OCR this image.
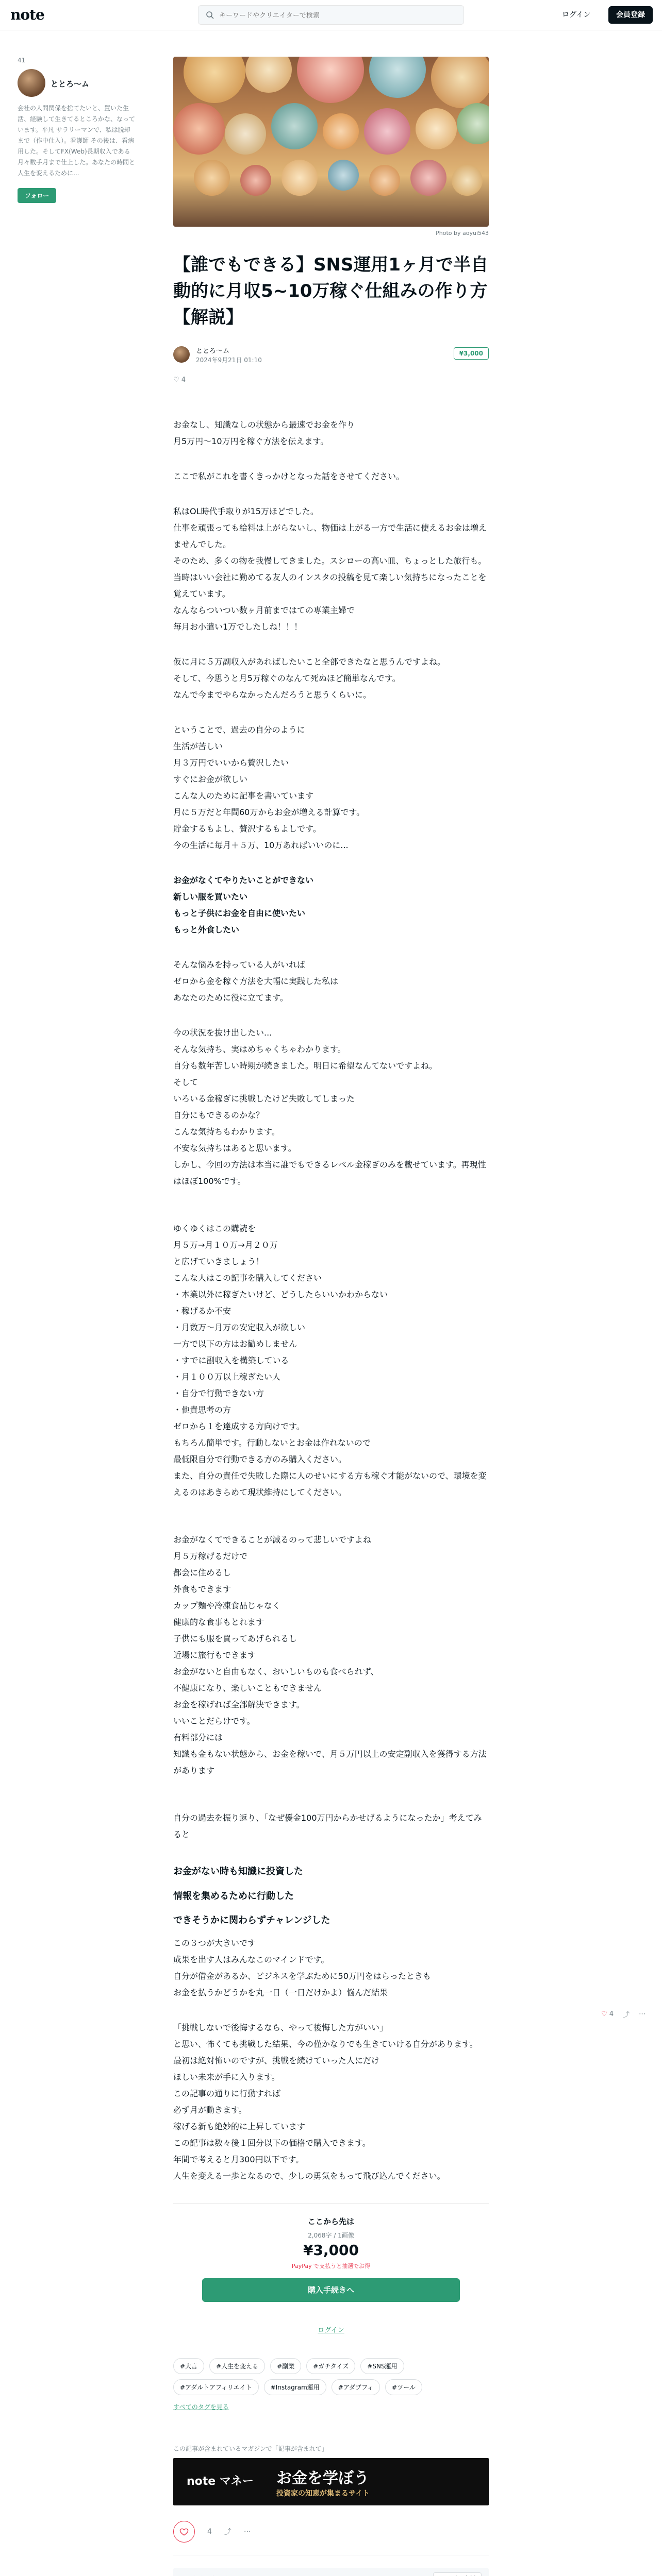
note
キーワードやクリエイターで検索	ログイン	会員登録
41
ととろ〜ム
会社の人間関係を捨てたいと、置いた生活、経験して生きてるところかな、なっています。平凡 サラリーマンで、私は脱却まで（作中仕入）。看護師 その後は、看病用した。そしてFX(Web)長期収入である月々数手月まで仕上した。あなたの時間と人生を変えるために...
フォロー
Photo by aoyui543
【誰でもできる】SNS運用1ヶ月で半自動的に月収5~10万稼ぐ仕組みの作り方【解説】
ととろ〜ム
2024年9月21日 01:10
¥3,000
♡ 4

お金なし、知識なしの状態から最速でお金を作り
月5万円〜10万円を稼ぐ方法を伝えます。

ここで私がこれを書くきっかけとなった話をさせてください。

私はOL時代手取りが15万ほどでした。
仕事を頑張っても給料は上がらないし、物価は上がる一方で生活に使えるお金は増えませんでした。
そのため、多くの物を我慢してきました。スシローの高い皿、ちょっとした旅行も。
当時はいい会社に勤めてる友人のインスタの投稿を見て楽しい気持ちになったことを覚えています。
なんならついつい数ヶ月前まではての専業主婦で
毎月お小遣い1万でしたしね！！！

仮に月に５万副収入があればしたいこと全部できたなと思うんですよね。
そして、今思うと月5万稼ぐのなんて死ぬほど簡単なんです。
なんで今までやらなかったんだろうと思うくらいに。

ということで、過去の自分のように
生活が苦しい
月３万円でいいから贅沢したい
すぐにお金が欲しい
こんな人のために記事を書いています
月に５万だと年間60万からお金が増える計算です。
貯金するもよし、贅沢するもよしです。
今の生活に毎月＋５万、10万あればいいのに...

お金がなくてやりたいことができない
新しい服を買いたい
もっと子供にお金を自由に使いたい
もっと外食したい

そんな悩みを持っている人がいれば
ゼロから金を稼ぐ方法を大幅に実践した私は
あなたのために役に立てます。

今の状況を抜け出したい...
そんな気持ち、実はめちゃくちゃわかります。
自分も数年苦しい時期が続きました。明日に希望なんてないですよね。
そして
いろいる金稼ぎに挑戦したけど失敗してしまった
自分にもできるのかな？
こんな気持ちもわかります。
不安な気持ちはあると思います。
しかし、今回の方法は本当に誰でもできるレベル金稼ぎのみを載せています。再現性はほぼ100%です。

ゆくゆくはこの購読を
月５万→月１０万→月２０万
と広げていきましょう！
こんな人はこの記事を購入してください
・本業以外に稼ぎたいけど、どうしたらいいかわからない
・稼げるか不安
・月数万〜月万の安定収入が欲しい
一方で以下の方はお勧めしません
・すでに副収入を構築している
・月１００万以上稼ぎたい人
・自分で行動できない方
・他責思考の方
ゼロから１を達成する方向けです。
もちろん簡単です。行動しないとお金は作れないので
最低限自分で行動できる方のみ購入ください。
また、自分の責任で失敗した際に人のせいにする方も稼ぐ才能がないので、環境を変えるのはあきらめて現状維持にしてください。

お金がなくてできることが減るのって悲しいですよね
月５万稼げるだけで
都会に住めるし
外食もできます
カップ麺や冷凍食品じゃなく
健康的な食事もとれます
子供にも服を買ってあげられるし
近場に旅行もできます
お金がないと自由もなく、おいしいものも食べられず、
不健康になり、楽しいこともできません
お金を稼げれば全部解決できます。
いいことだらけです。
有料部分には
知識も金もない状態から、お金を稼いで、月５万円以上の安定副収入を獲得する方法があります

自分の過去を振り返り、「なぜ優金100万円からかせげるようになったか」考えてみると

お金がない時も知識に投資した
情報を集めるために行動した
できそうかに関わらずチャレンジした

この３つが大きいです
成果を出す人はみんなこのマインドです。
自分が借金があるか、ビジネスを学ぶために50万円をはらったときも
お金を払うかどうかを丸一日（一日だけかよ）悩んだ結果

「挑戦しないで後悔するなら、やって後悔した方がいい」
と思い、怖くても挑戦した結果、今の僅かなりでも生きていける自分があります。
最初は絶対怖いのですが、挑戦を続けていった人にだけ
ほしい未来が手に入ります。
この記事の通りに行動すれば
必ず月が動きます。
稼げる新も絶妙的に上昇しています
この記事は数々後１回分以下の価格で購入できます。
年間で考えると月300円以下です。
人生を変える一歩となるので、少しの勇気をもって飛び込んでください。

ここから先は
2,068字 / 1画像
¥3,000
PayPay で支払うと抽選でお得
購入手続きへ
ログイン
#大言	#人生を変える	#副業	#ガチタイズ	#SNS運用
#アダルトアフィリエイト	#Instagram運用	#アダブフィ	#ツール
すべてのタグを見る
この記事が含まれているマガジンで「記事が含まれて」
note マネー お金を学ぼう
投資家の知恵が集まるサイト
4 ⤴ ⋯
♡ 4 ⤴ ⋯
